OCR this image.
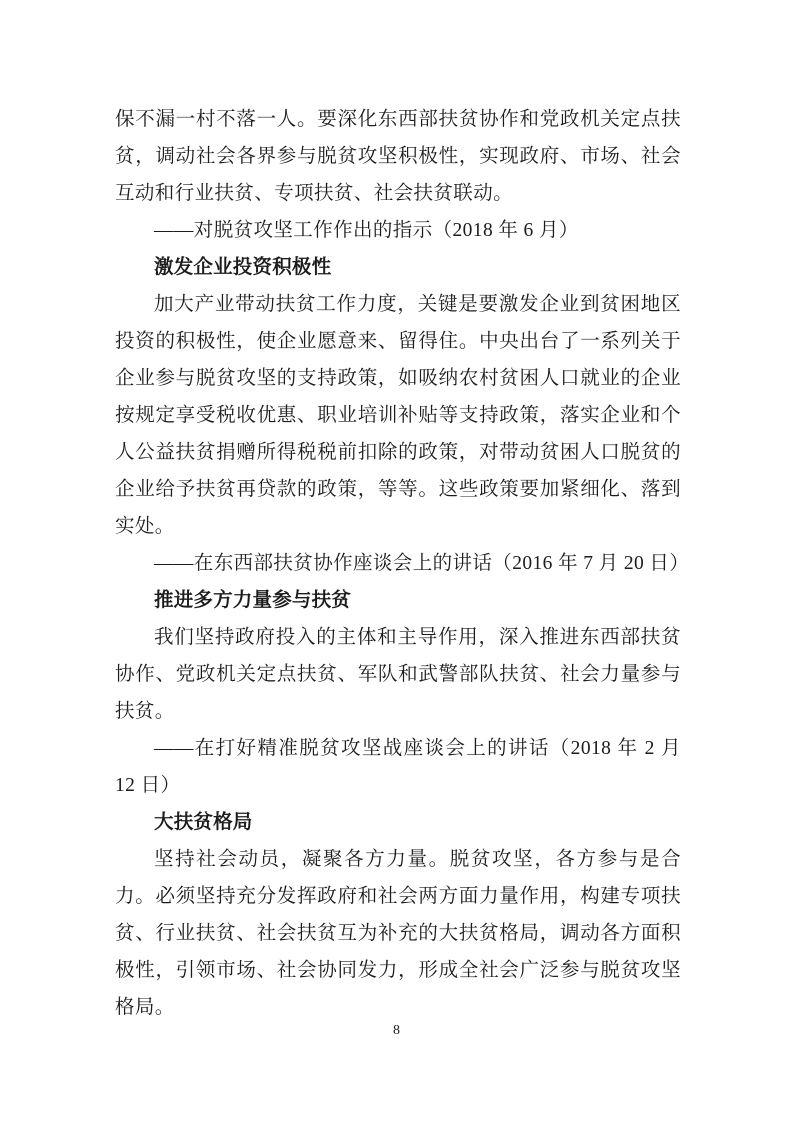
保不漏一村不落一人。要深化东西部扶贫协作和党政机关定点扶贫，调动社会各界参与脱贫攻坚积极性，实现政府、市场、社会互动和行业扶贫、专项扶贫、社会扶贫联动。

——对脱贫攻坚工作作出的指示（2018 年 6 月）

激发企业投资积极性

加大产业带动扶贫工作力度，关键是要激发企业到贫困地区投资的积极性，使企业愿意来、留得住。中央出台了一系列关于企业参与脱贫攻坚的支持政策，如吸纳农村贫困人口就业的企业按规定享受税收优惠、职业培训补贴等支持政策，落实企业和个人公益扶贫捐赠所得税税前扣除的政策，对带动贫困人口脱贫的企业给予扶贫再贷款的政策，等等。这些政策要加紧细化、落到实处。

——在东西部扶贫协作座谈会上的讲话（2016 年 7 月 20 日）

推进多方力量参与扶贫

我们坚持政府投入的主体和主导作用，深入推进东西部扶贫协作、党政机关定点扶贫、军队和武警部队扶贫、社会力量参与扶贫。

——在打好精准脱贫攻坚战座谈会上的讲话（2018 年 2 月 12 日）

大扶贫格局

坚持社会动员，凝聚各方力量。脱贫攻坚，各方参与是合力。必须坚持充分发挥政府和社会两方面力量作用，构建专项扶贫、行业扶贫、社会扶贫互为补充的大扶贫格局，调动各方面积极性，引领市场、社会协同发力，形成全社会广泛参与脱贫攻坚格局。

8
